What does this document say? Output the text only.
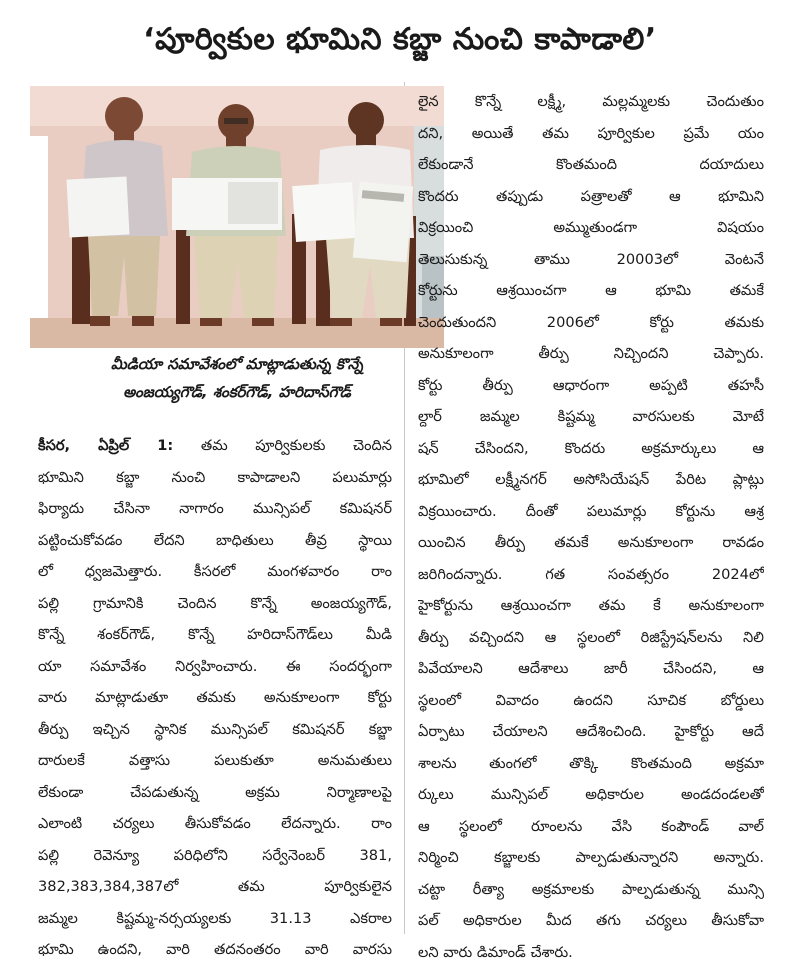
‘పూర్వికుల భూమిని కబ్జా నుంచి కాపాడాలి’
మీడియా సమావేశంలో మాట్లాడుతున్న కొన్నే
అంజయ్యగౌడ్, శంకర్‌గౌడ్, హరిదాస్‌గౌడ్
కీసర, ఏప్రిల్ 1: తమ పూర్వికులకు చెందిన
భూమిని కబ్జా నుంచి కాపాడాలని పలుమార్లు
ఫిర్యాదు చేసినా నాగారం మున్సిపల్ కమిషనర్
పట్టించుకోవడం లేదని బాధితులు తీవ్ర స్థాయి
లో ధ్వజమెత్తారు. కీసరలో మంగళవారం రాం
పల్లి గ్రామానికి చెందిన కొన్నే అంజయ్యగౌడ్,
కొన్నే శంకర్‌గౌడ్, కొన్నే హరిదాస్‌గౌడ్‌లు మీడి
యా సమావేశం నిర్వహించారు. ఈ సందర్భంగా
వారు మాట్లాడుతూ తమకు అనుకూలంగా కోర్టు
తీర్పు ఇచ్చిన స్థానిక మున్సిపల్ కమిషనర్ కబ్జా
దారులకే వత్తాసు పలుకుతూ అనుమతులు
లేకుండా చేపడుతున్న అక్రమ నిర్మాణాలపై
ఎలాంటి చర్యలు తీసుకోవడం లేదన్నారు. రాం
పల్లి రెవెన్యూ పరిధిలోని సర్వేనెంబర్ 381,
382,383,384,387లో తమ పూర్వికులైన
జమ్మల కిష్టమ్మ-నర్సయ్యలకు 31.13 ఎకరాల
భూమి ఉందని, వారి తదనంతరం వారి వారసు
లైన కొన్నే లక్ష్మీ, మల్లమ్మలకు చెందుతుం
దని, అయితే తమ పూర్వికుల ప్రమే యం
లేకుండానే కొంతమంది దయాదులు
కొందరు తప్పుడు పత్రాలతో ఆ భూమిని
విక్రయించి అమ్ముతుండగా విషయం
తెలుసుకున్న తాము 20003లో వెంటనే
కోర్టును ఆశ్రయించగా ఆ భూమి తమకే
చెందుతుందని 2006లో కోర్టు తమకు
అనుకూలంగా తీర్పు నిచ్చిందని చెప్పారు.
కోర్టు తీర్పు ఆధారంగా అప్పటి తహసీ
ల్దార్ జమ్మల కిష్టమ్మ వారసులకు మోటే
షన్ చేసిందని, కొందరు అక్రమార్కులు ఆ
భూమిలో లక్ష్మీనగర్ అసోసియేషన్ పేరిట ప్లాట్లు
విక్రయించారు. దీంతో పలుమార్లు కోర్టును ఆశ్ర
యించిన తీర్పు తమకే అనుకూలంగా రావడం
జరిగిందన్నారు. గత సంవత్సరం 2024లో
హైకోర్టును ఆశ్రయించగా తమ కే అనుకూలంగా
తీర్పు వచ్చిందని ఆ స్థలంలో రిజిస్ట్రేషన్‌లను నిలి
పివేయాలని ఆదేశాలు జారీ చేసిందని, ఆ
స్థలంలో వివాదం ఉందని సూచిక బోర్డులు
ఏర్పాటు చేయాలని ఆదేశించింది. హైకోర్టు ఆదే
శాలను తుంగలో తొక్కి కొంతమంది అక్రమా
ర్కులు మున్సిపల్ అధికారుల అండదండలతో
ఆ స్థలంలో రూంలను వేసి కంపౌండ్ వాల్
నిర్మించి కబ్జాలకు పాల్పడుతున్నారని అన్నారు.
చట్టా రీత్యా అక్రమాలకు పాల్పడుతున్న మున్సి
పల్ అధికారుల మీద తగు చర్యలు తీసుకోవా
లని వారు డిమాండ్ చేశారు.
